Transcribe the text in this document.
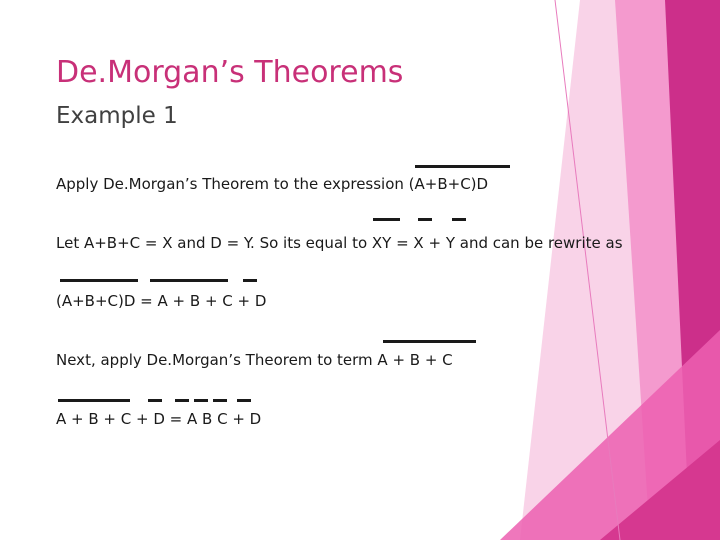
De.Morgan’s Theorems
Example 1
Apply De.Morgan’s Theorem to the expression (A+B+C)D
Let A+B+C = X and D = Y. So its equal to XY = X + Y and can be rewrite as
(A+B+C)D = A + B + C + D
Next, apply De.Morgan’s Theorem to term A + B + C
A + B + C + D = A B C + D
